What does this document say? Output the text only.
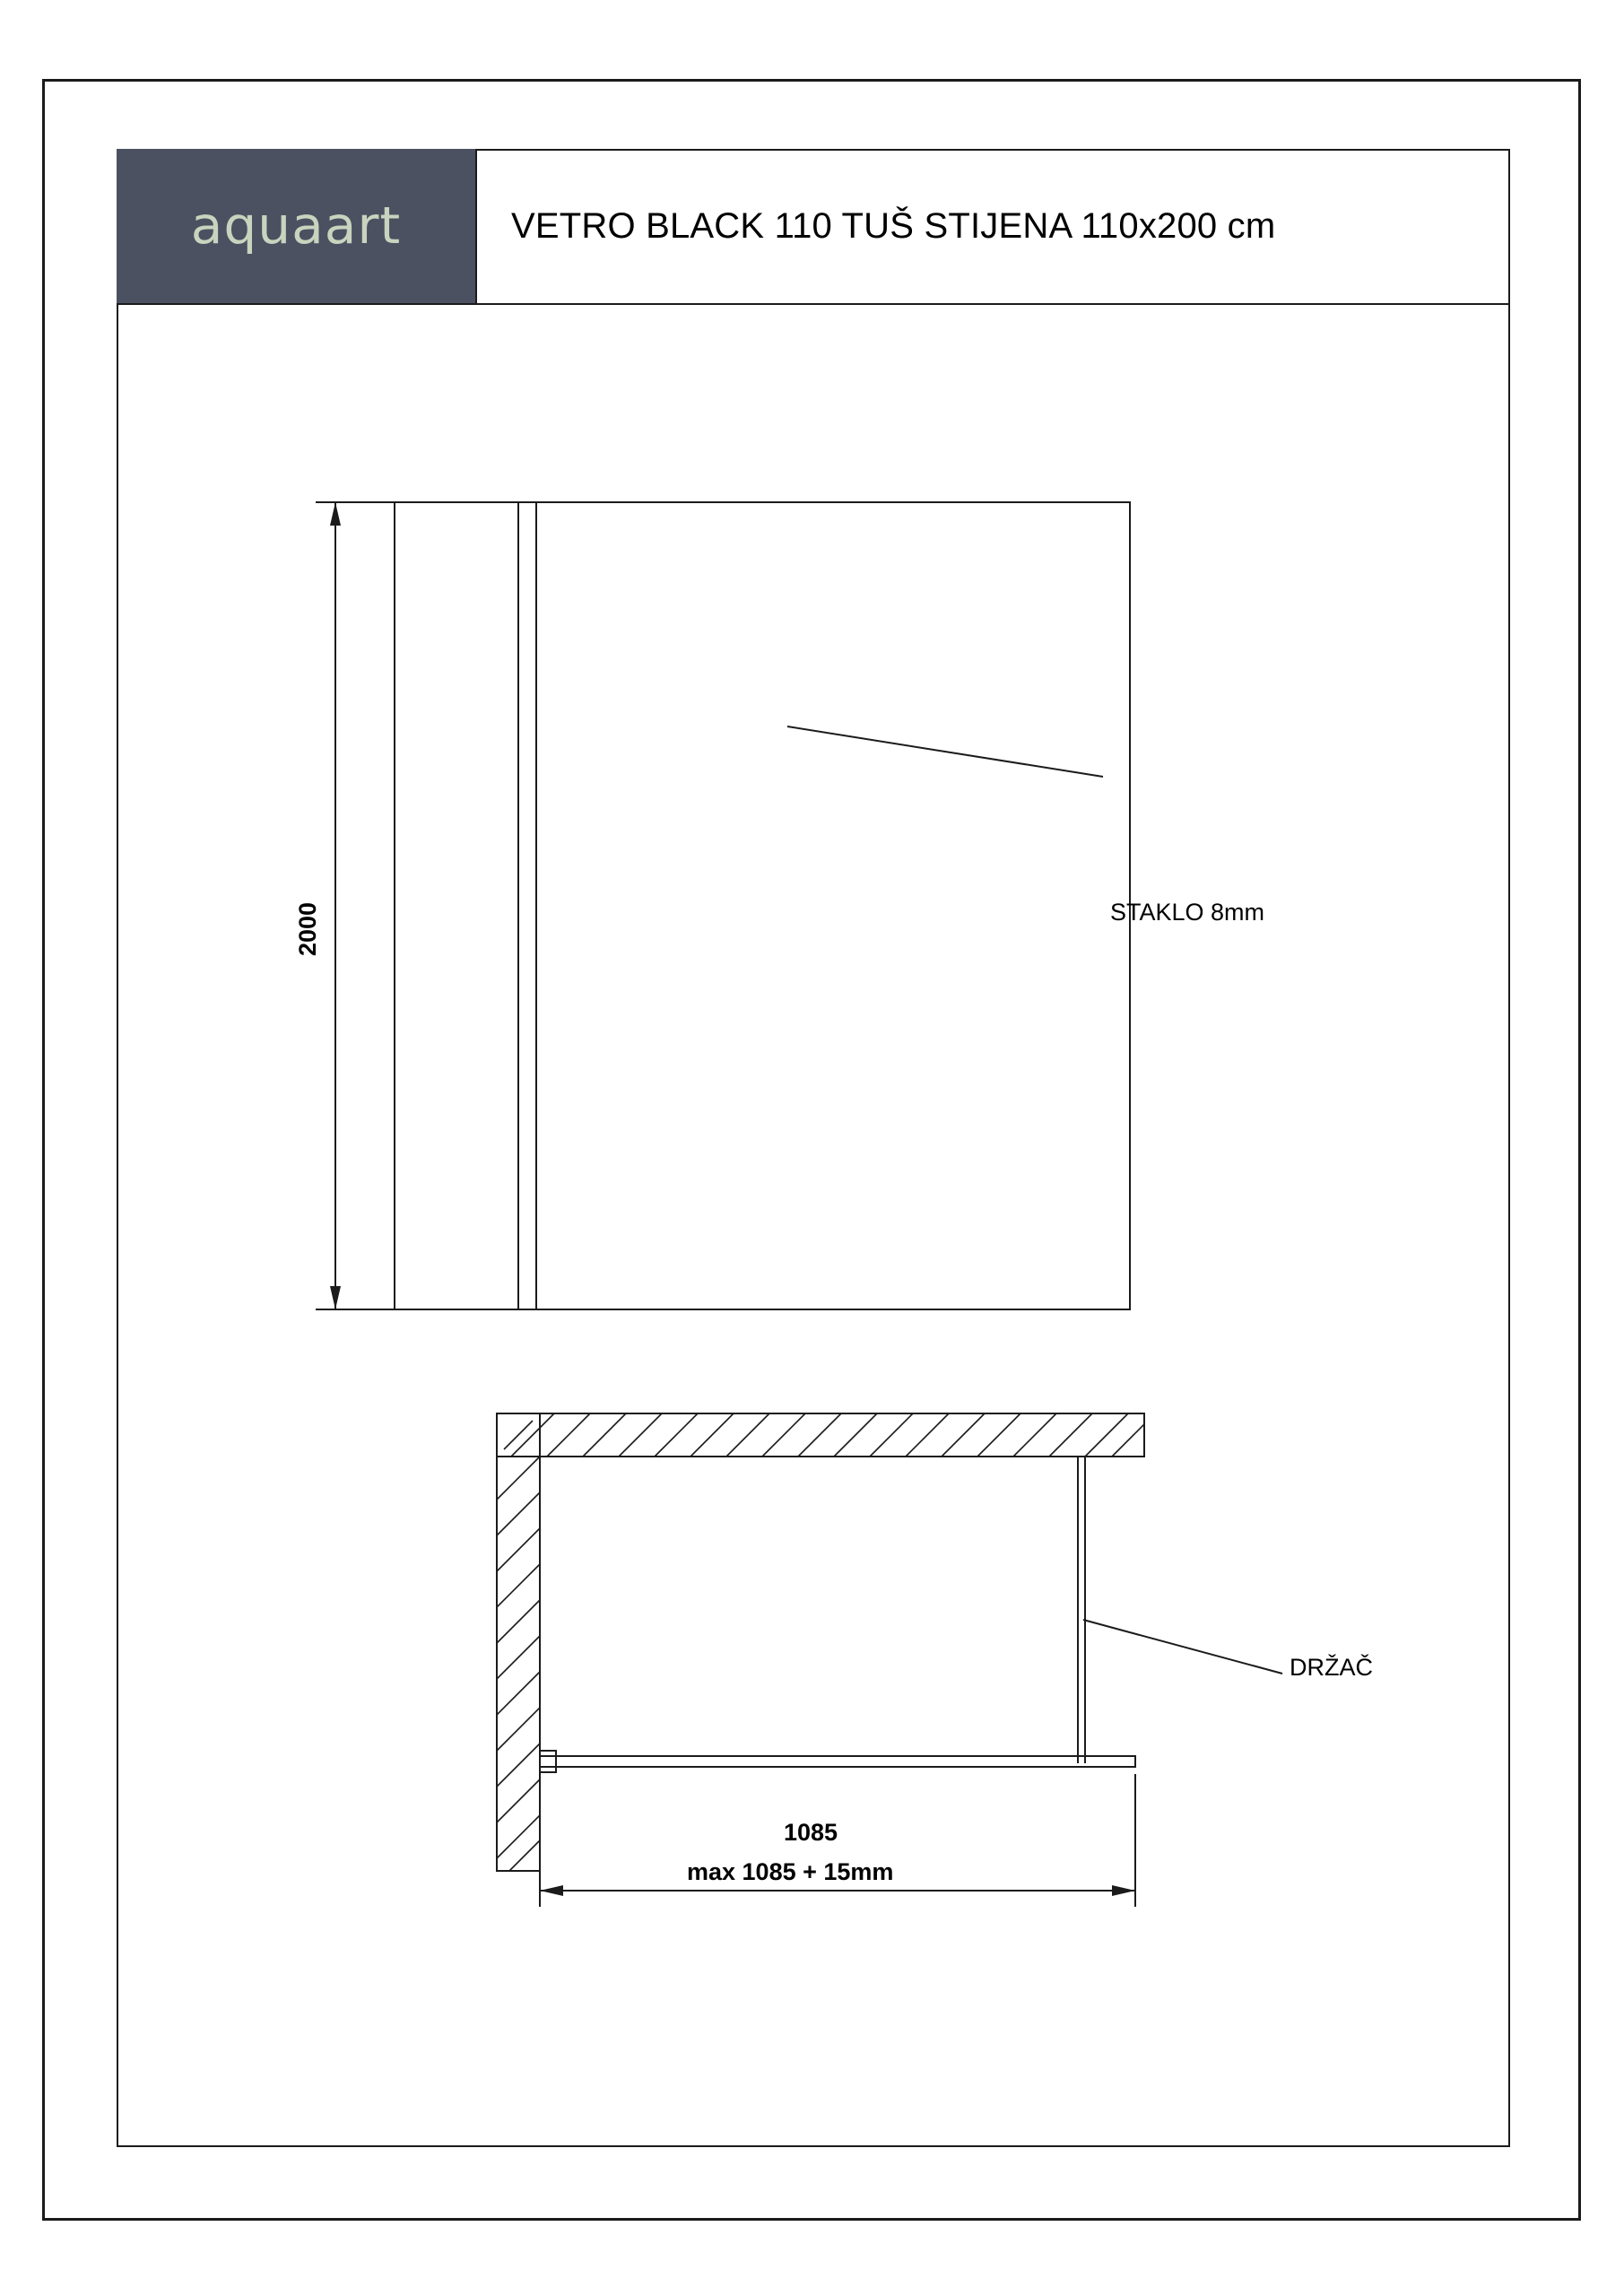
aquaart	VETRO BLACK 110 TUŠ STIJENA 110x200 cm
2000	STAKLO 8mm
DRŽAČ
1085
max 1085 + 15mm
